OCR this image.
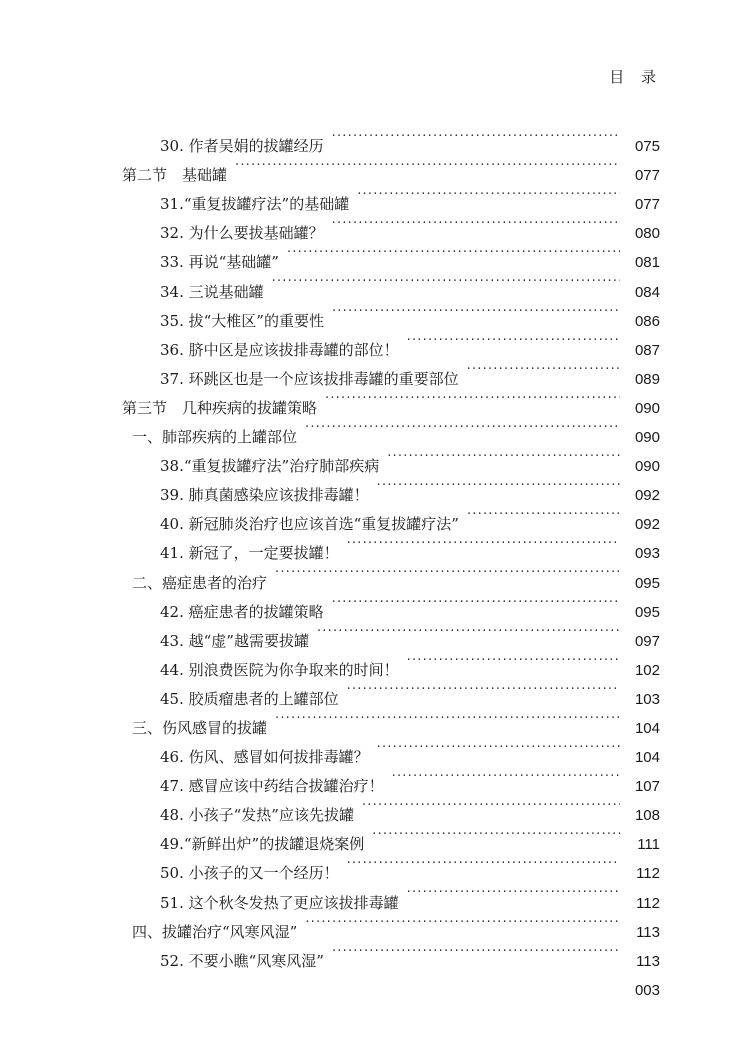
目 录
30. 作者吴娟的拔罐经历 ·····	075
第二节　基础罐 ·····	077
31.“重复拔罐疗法”的基础罐 ·····	077
32. 为什么要拔基础罐？ ·····	080
33. 再说“基础罐” ·····	081
34. 三说基础罐 ·····	084
35. 拔“大椎区”的重要性 ·····	086
36. 脐中区是应该拔排毒罐的部位！ ·····	087
37. 环跳区也是一个应该拔排毒罐的重要部位 ·····	089
第三节　几种疾病的拔罐策略 ·····	090
一、肺部疾病的上罐部位 ·····	090
38.“重复拔罐疗法”治疗肺部疾病 ·····	090
39. 肺真菌感染应该拔排毒罐！ ·····	092
40. 新冠肺炎治疗也应该首选“重复拔罐疗法” ·····	092
41. 新冠了，一定要拔罐！ ·····	093
二、癌症患者的治疗 ·····	095
42. 癌症患者的拔罐策略 ·····	095
43. 越“虚”越需要拔罐 ·····	097
44. 别浪费医院为你争取来的时间！ ·····	102
45. 胶质瘤患者的上罐部位 ·····	103
三、伤风感冒的拔罐 ·····	104
46. 伤风、感冒如何拔排毒罐？ ·····	104
47. 感冒应该中药结合拔罐治疗！ ·····	107
48. 小孩子“发热”应该先拔罐 ·····	108
49.“新鲜出炉”的拔罐退烧案例 ·····	111
50. 小孩子的又一个经历！ ·····	112
51. 这个秋冬发热了更应该拔排毒罐 ·····	112
四、拔罐治疗“风寒风湿” ·····	113
52. 不要小瞧“风寒风湿” ·····	113
003
